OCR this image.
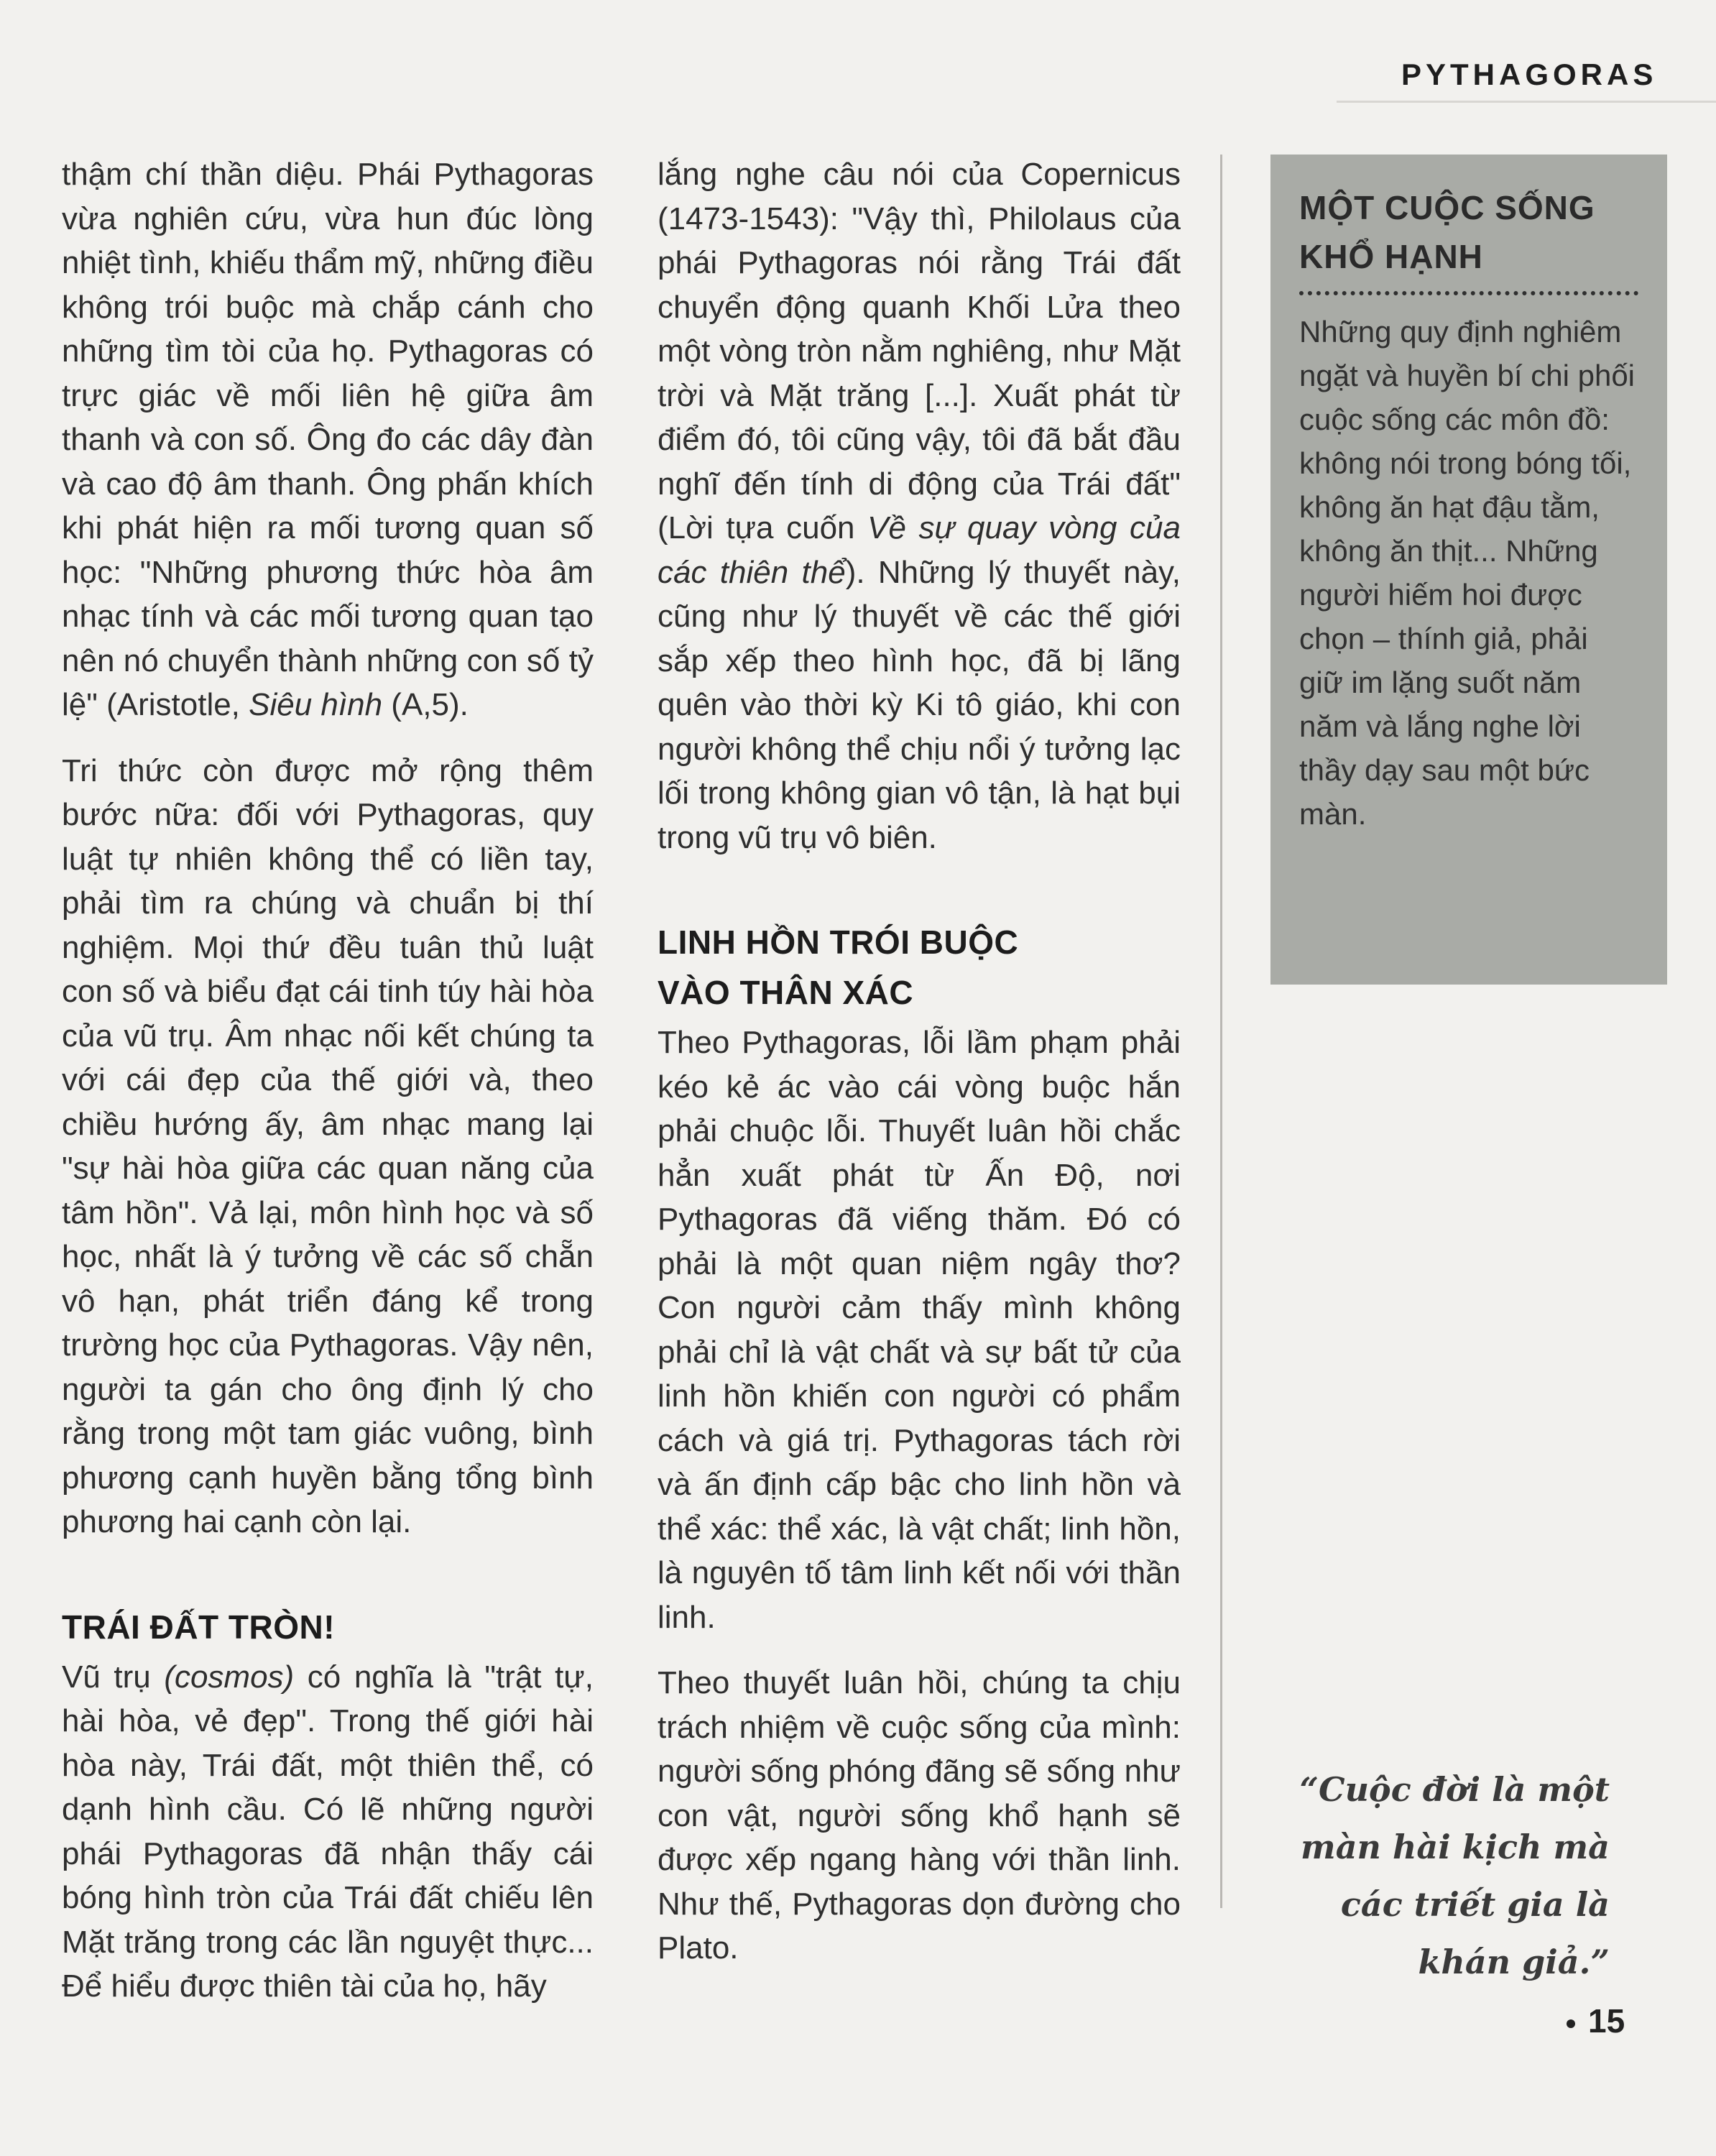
PYTHAGORAS

thậm chí thần diệu. Phái Pythagoras vừa nghiên cứu, vừa hun đúc lòng nhiệt tình, khiếu thẩm mỹ, những điều không trói buộc mà chắp cánh cho những tìm tòi của họ. Pythagoras có trực giác về mối liên hệ giữa âm thanh và con số. Ông đo các dây đàn và cao độ âm thanh. Ông phấn khích khi phát hiện ra mối tương quan số học: "Những phương thức hòa âm nhạc tính và các mối tương quan tạo nên nó chuyển thành những con số tỷ lệ" (Aristotle, Siêu hình (A,5).

Tri thức còn được mở rộng thêm bước nữa: đối với Pythagoras, quy luật tự nhiên không thể có liền tay, phải tìm ra chúng và chuẩn bị thí nghiệm. Mọi thứ đều tuân thủ luật con số và biểu đạt cái tinh túy hài hòa của vũ trụ. Âm nhạc nối kết chúng ta với cái đẹp của thế giới và, theo chiều hướng ấy, âm nhạc mang lại "sự hài hòa giữa các quan năng của tâm hồn". Vả lại, môn hình học và số học, nhất là ý tưởng về các số chẵn vô hạn, phát triển đáng kể trong trường học của Pythagoras. Vậy nên, người ta gán cho ông định lý cho rằng trong một tam giác vuông, bình phương cạnh huyền bằng tổng bình phương hai cạnh còn lại.

TRÁI ĐẤT TRÒN!

Vũ trụ (cosmos) có nghĩa là "trật tự, hài hòa, vẻ đẹp". Trong thế giới hài hòa này, Trái đất, một thiên thể, có dạnh hình cầu. Có lẽ những người phái Pythagoras đã nhận thấy cái bóng hình tròn của Trái đất chiếu lên Mặt trăng trong các lần nguyệt thực... Để hiểu được thiên tài của họ, hãy

lắng nghe câu nói của Copernicus (1473-1543): "Vậy thì, Philolaus của phái Pythagoras nói rằng Trái đất chuyển động quanh Khối Lửa theo một vòng tròn nằm nghiêng, như Mặt trời và Mặt trăng [...]. Xuất phát từ điểm đó, tôi cũng vậy, tôi đã bắt đầu nghĩ đến tính di động của Trái đất" (Lời tựa cuốn Về sự quay vòng của các thiên thể). Những lý thuyết này, cũng như lý thuyết về các thế giới sắp xếp theo hình học, đã bị lãng quên vào thời kỳ Ki tô giáo, khi con người không thể chịu nổi ý tưởng lạc lối trong không gian vô tận, là hạt bụi trong vũ trụ vô biên.

LINH HỒN TRÓI BUỘC
VÀO THÂN XÁC

Theo Pythagoras, lỗi lầm phạm phải kéo kẻ ác vào cái vòng buộc hắn phải chuộc lỗi. Thuyết luân hồi chắc hẳn xuất phát từ Ấn Độ, nơi Pythagoras đã viếng thăm. Đó có phải là một quan niệm ngây thơ? Con người cảm thấy mình không phải chỉ là vật chất và sự bất tử của linh hồn khiến con người có phẩm cách và giá trị. Pythagoras tách rời và ấn định cấp bậc cho linh hồn và thể xác: thể xác, là vật chất; linh hồn, là nguyên tố tâm linh kết nối với thần linh.

Theo thuyết luân hồi, chúng ta chịu trách nhiệm về cuộc sống của mình: người sống phóng đãng sẽ sống như con vật, người sống khổ hạnh sẽ được xếp ngang hàng với thần linh. Như thế, Pythagoras dọn đường cho Plato.

MỘT CUỘC SỐNG KHỔ HẠNH

Những quy định nghiêm ngặt và huyền bí chi phối cuộc sống các môn đồ: không nói trong bóng tối, không ăn hạt đậu tằm, không ăn thịt... Những người hiếm hoi được chọn – thính giả, phải giữ im lặng suốt năm năm và lắng nghe lời thầy dạy sau một bức màn.

“Cuộc đời là một màn hài kịch mà các triết gia là khán giả.”
15
